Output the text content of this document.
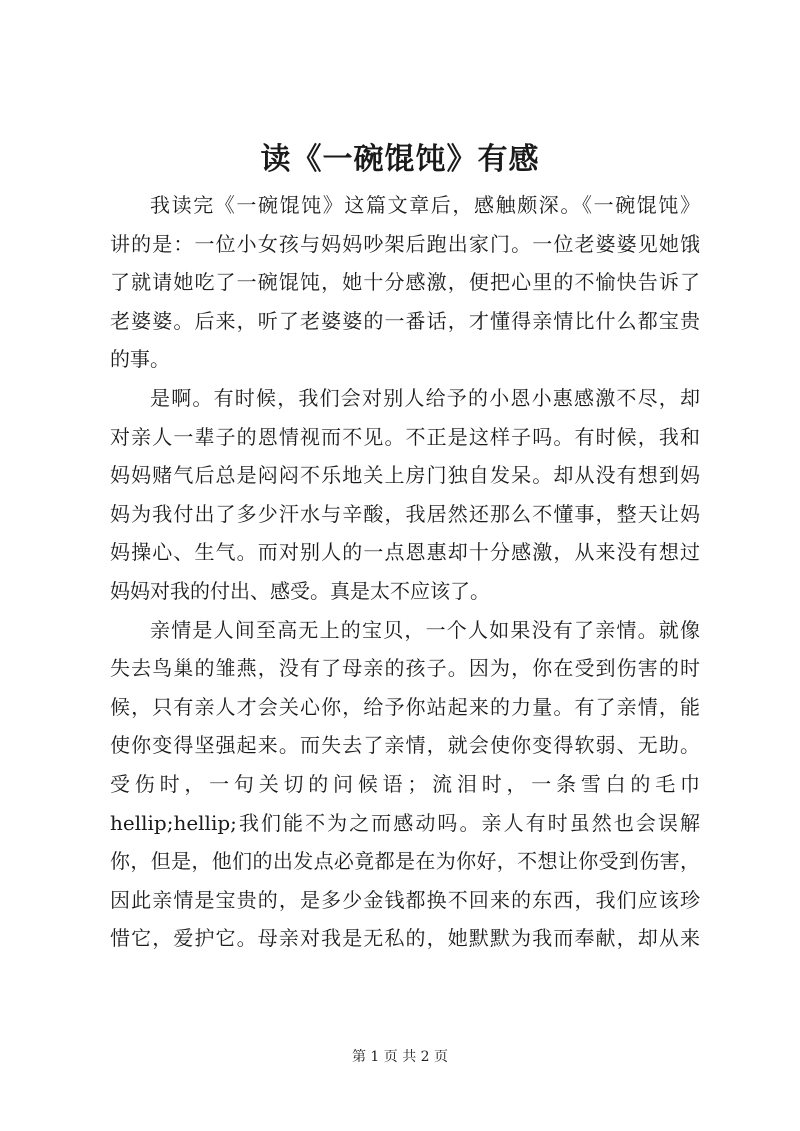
读《一碗馄饨》有感
我读完《一碗馄饨》这篇文章后，感触颇深。《一碗馄饨》
讲的是：一位小女孩与妈妈吵架后跑出家门。一位老婆婆见她饿
了就请她吃了一碗馄饨，她十分感激，便把心里的不愉快告诉了
老婆婆。后来，听了老婆婆的一番话，才懂得亲情比什么都宝贵
的事。
是啊。有时候，我们会对别人给予的小恩小惠感激不尽，却
对亲人一辈子的恩情视而不见。不正是这样子吗。有时候，我和
妈妈赌气后总是闷闷不乐地关上房门独自发呆。却从没有想到妈
妈为我付出了多少汗水与辛酸，我居然还那么不懂事，整天让妈
妈操心、生气。而对别人的一点恩惠却十分感激，从来没有想过
妈妈对我的付出、感受。真是太不应该了。
亲情是人间至高无上的宝贝，一个人如果没有了亲情。就像
失去鸟巢的雏燕，没有了母亲的孩子。因为，你在受到伤害的时
候，只有亲人才会关心你，给予你站起来的力量。有了亲情，能
使你变得坚强起来。而失去了亲情，就会使你变得软弱、无助。
受伤时，一句关切的问候语；流泪时，一条雪白的毛巾
hellip;hellip;我们能不为之而感动吗。亲人有时虽然也会误解
你，但是，他们的出发点必竟都是在为你好，不想让你受到伤害，
因此亲情是宝贵的，是多少金钱都换不回来的东西，我们应该珍
惜它，爱护它。母亲对我是无私的，她默默为我而奉献，却从来
第 1 页 共 2 页
